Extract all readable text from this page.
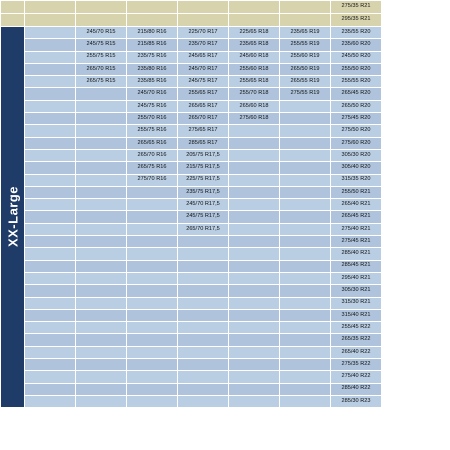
							275/35 R21
							295/35 R21

XX-Large		245/70 R15	215/80 R16	225/70 R17	225/65 R18	235/65 R19	235/55 R20
		245/75 R15	215/85 R16	235/70 R17	235/65 R18	255/55 R19	235/60 R20
		255/75 R15	235/75 R16	245/65 R17	245/60 R18	255/60 R19	245/50 R20
		265/70 R15	235/80 R16	245/70 R17	255/60 R18	265/50 R19	255/50 R20
		265/75 R15	235/85 R16	245/75 R17	255/65 R18	265/55 R19	255/55 R20
			245/70 R16	255/65 R17	255/70 R18	275/55 R19	265/45 R20
			245/75 R16	265/65 R17	265/60 R18		265/50 R20
			255/70 R16	265/70 R17	275/60 R18		275/45 R20
			255/75 R16	275/65 R17			275/50 R20
			265/65 R16	285/65 R17			275/60 R20
			265/70 R16	205/75 R17,5			305/30 R20
			265/75 R16	215/75 R17,5			305/40 R20
			275/70 R16	225/75 R17,5			315/35 R20
				235/75 R17,5			255/50 R21
				245/70 R17,5			265/40 R21
				245/75 R17,5			265/45 R21
				265/70 R17,5			275/40 R21
							275/45 R21
							285/40 R21
							285/45 R21
							295/40 R21
							305/30 R21
							315/30 R21
							315/40 R21
							255/45 R22
							265/35 R22
							265/40 R22
							275/35 R22
							275/40 R22
							285/40 R22
							285/30 R23
